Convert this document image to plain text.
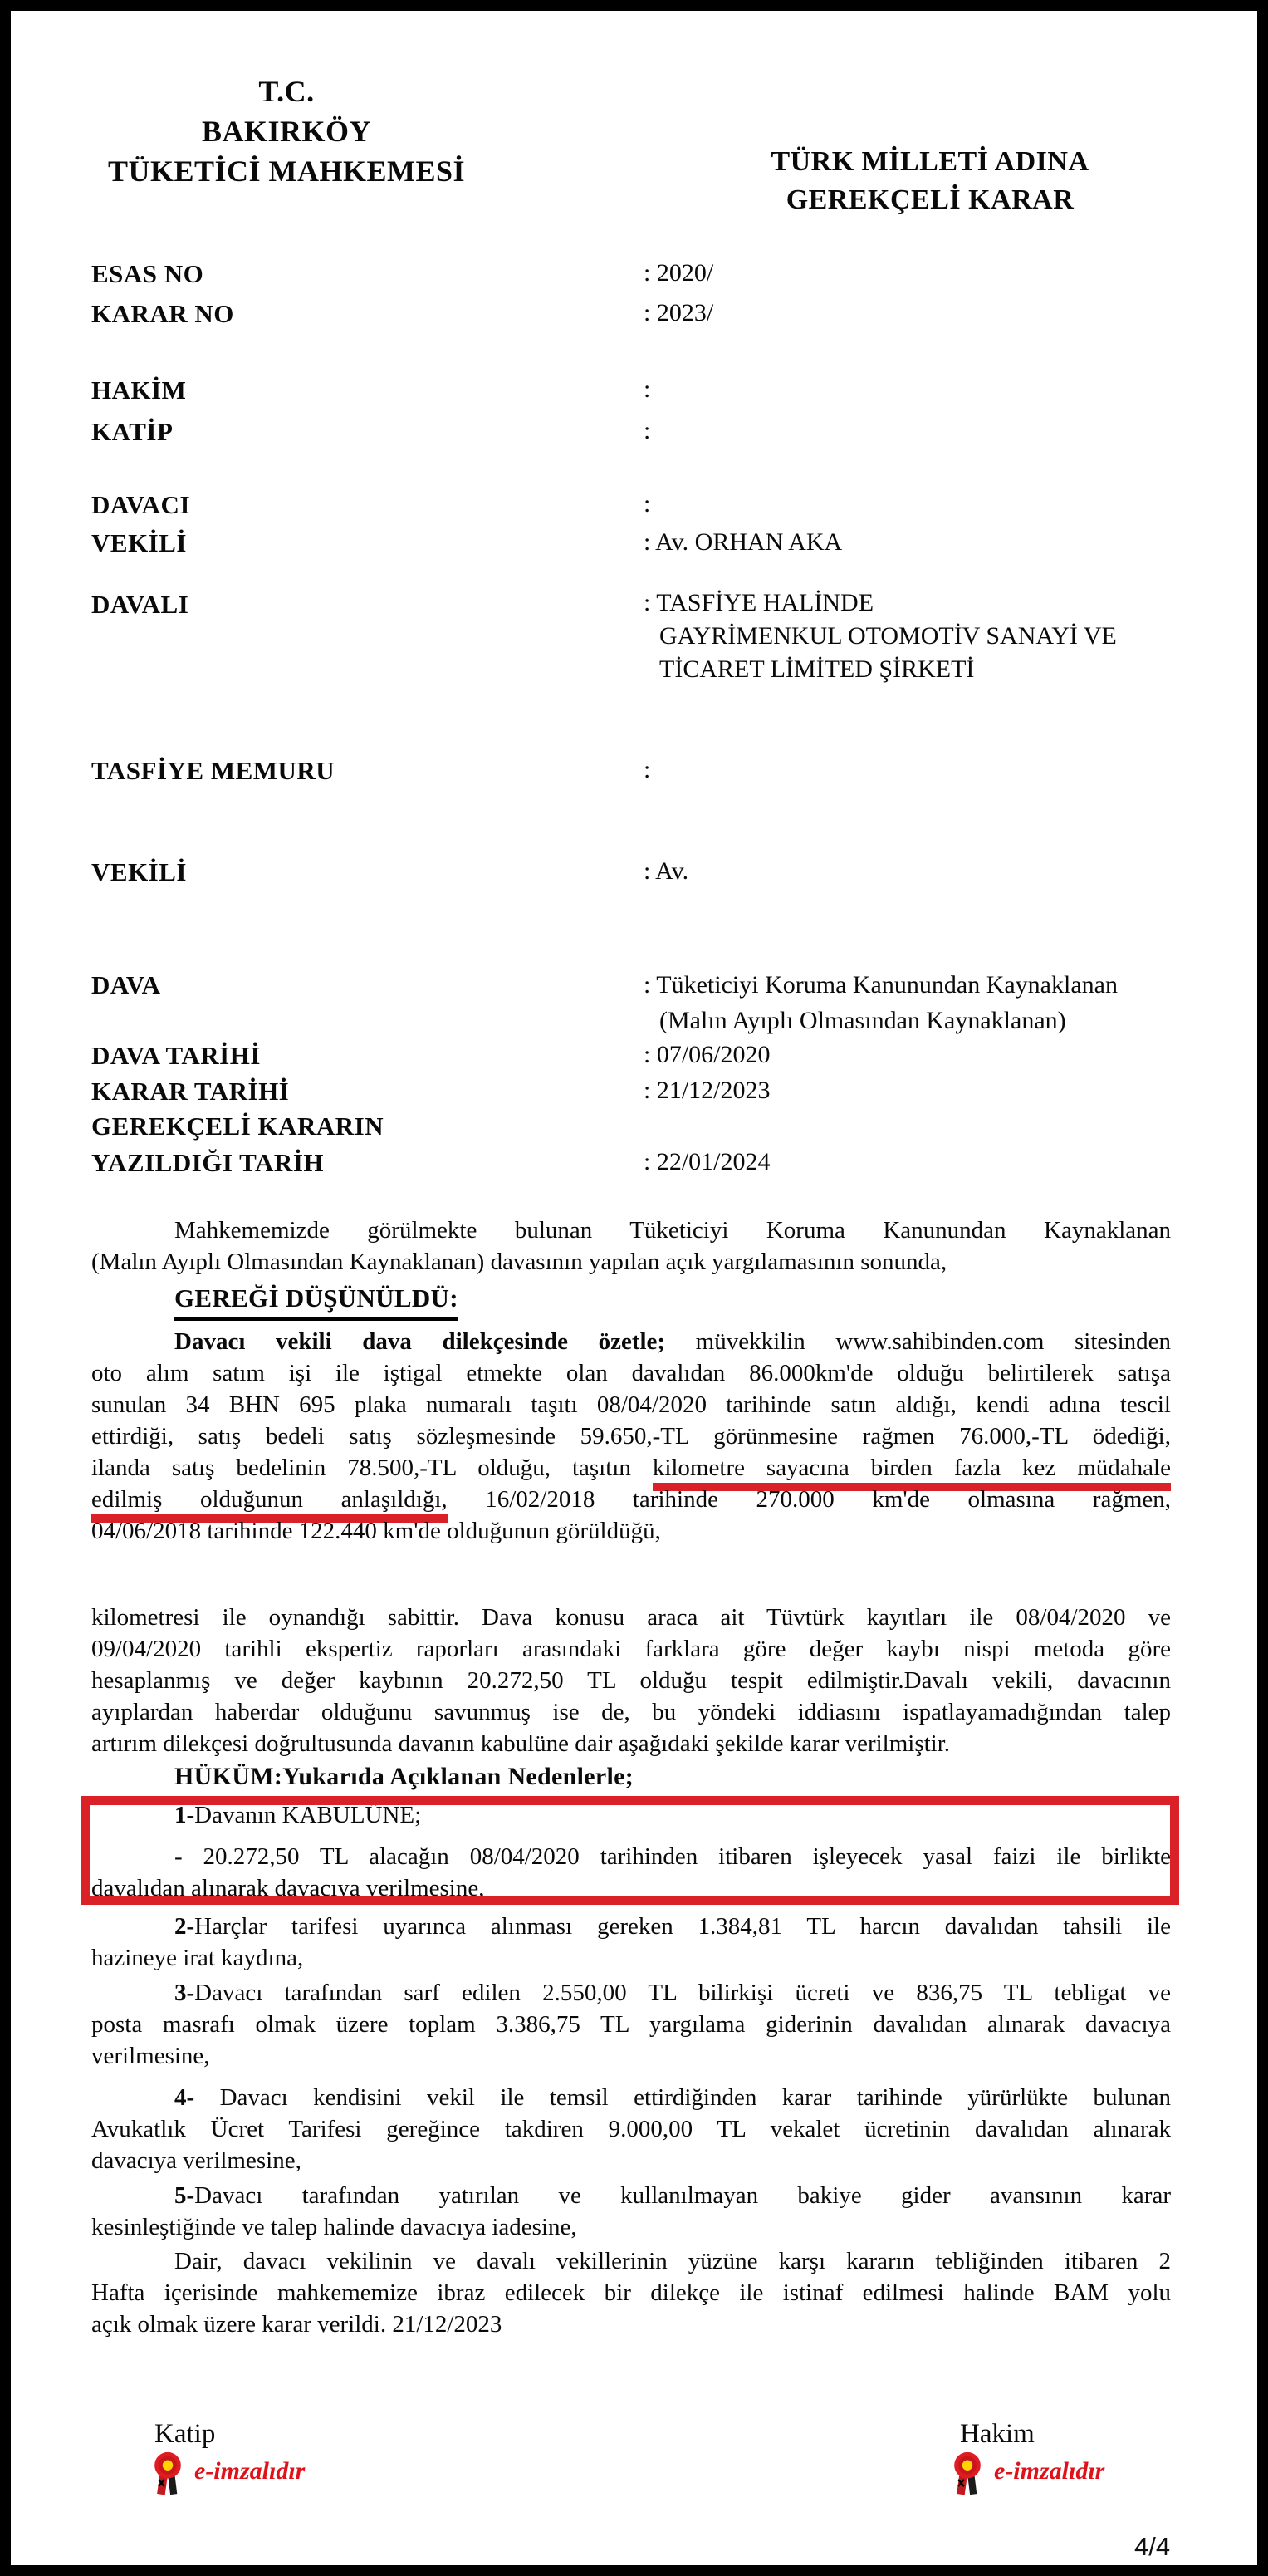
T.C.
BAKIRKÖY
TÜKETİCİ MAHKEMESİ	TÜRK MİLLETİ ADINA
GEREKÇELİ KARAR
ESAS NO	: 2020/
KARAR NO	: 2023/
HAKİM	:
KATİP	:
DAVACI	:
VEKİLİ	: Av. ORHAN AKA
DAVALI	: TASFİYE HALİNDE
GAYRİMENKUL OTOMOTİV SANAYİ VE
TİCARET LİMİTED ŞİRKETİ
TASFİYE MEMURU	:
VEKİLİ	: Av.
DAVA	: Tüketiciyi Koruma Kanunundan Kaynaklanan
(Malın Ayıplı Olmasından Kaynaklanan)
DAVA TARİHİ	: 07/06/2020
KARAR TARİHİ	: 21/12/2023
GEREKÇELİ KARARIN
YAZILDIĞI TARİH	: 22/01/2024
Mahkememizde görülmekte bulunan Tüketiciyi Koruma Kanunundan Kaynaklanan
(Malın Ayıplı Olmasından Kaynaklanan) davasının yapılan açık yargılamasının sonunda,
GEREĞİ DÜŞÜNÜLDÜ:
Davacı vekili dava dilekçesinde özetle; müvekkilin www.sahibinden.com sitesinden
oto alım satım işi ile iştigal etmekte olan davalıdan 86.000km'de olduğu belirtilerek satışa
sunulan 34 BHN 695 plaka numaralı taşıtı 08/04/2020 tarihinde satın aldığı, kendi adına tescil
ettirdiği, satış bedeli satış sözleşmesinde 59.650,-TL görünmesine rağmen 76.000,-TL ödediği,
ilanda satış bedelinin 78.500,-TL olduğu, taşıtın kilometre sayacına birden fazla kez müdahale
edilmiş olduğunun anlaşıldığı, 16/02/2018 tarihinde 270.000 km'de olmasına rağmen,
04/06/2018 tarihinde 122.440 km'de olduğunun görüldüğü,
kilometresi ile oynandığı sabittir. Dava konusu araca ait Tüvtürk kayıtları ile 08/04/2020 ve
09/04/2020 tarihli ekspertiz raporları arasındaki farklara göre değer kaybı nispi metoda göre
hesaplanmış ve değer kaybının 20.272,50 TL olduğu tespit edilmiştir.Davalı vekili, davacının
ayıplardan haberdar olduğunu savunmuş ise de, bu yöndeki iddiasını ispatlayamadığından talep
artırım dilekçesi doğrultusunda davanın kabulüne dair aşağıdaki şekilde karar verilmiştir.
HÜKÜM:Yukarıda Açıklanan Nedenlerle;
1-Davanın KABULÜNE;
- 20.272,50 TL alacağın 08/04/2020 tarihinden itibaren işleyecek yasal faizi ile birlikte
davalıdan alınarak davacıya verilmesine,
2-Harçlar tarifesi uyarınca alınması gereken 1.384,81 TL harcın davalıdan tahsili ile
hazineye irat kaydına,
3-Davacı tarafından sarf edilen 2.550,00 TL bilirkişi ücreti ve 836,75 TL tebligat ve
posta masrafı olmak üzere toplam 3.386,75 TL yargılama giderinin davalıdan alınarak davacıya
verilmesine,
4- Davacı kendisini vekil ile temsil ettirdiğinden karar tarihinde yürürlükte bulunan
Avukatlık Ücret Tarifesi gereğince takdiren 9.000,00 TL vekalet ücretinin davalıdan alınarak
davacıya verilmesine,
5-Davacı tarafından yatırılan ve kullanılmayan bakiye gider avansının karar
kesinleştiğinde ve talep halinde davacıya iadesine,
Dair, davacı vekilinin ve davalı vekillerinin yüzüne karşı kararın tebliğinden itibaren 2
Hafta içerisinde mahkememize ibraz edilecek bir dilekçe ile istinaf edilmesi halinde BAM yolu
açık olmak üzere karar verildi. 21/12/2023
Katip
e-imzalıdır
Hakim
e-imzalıdır
4/4
